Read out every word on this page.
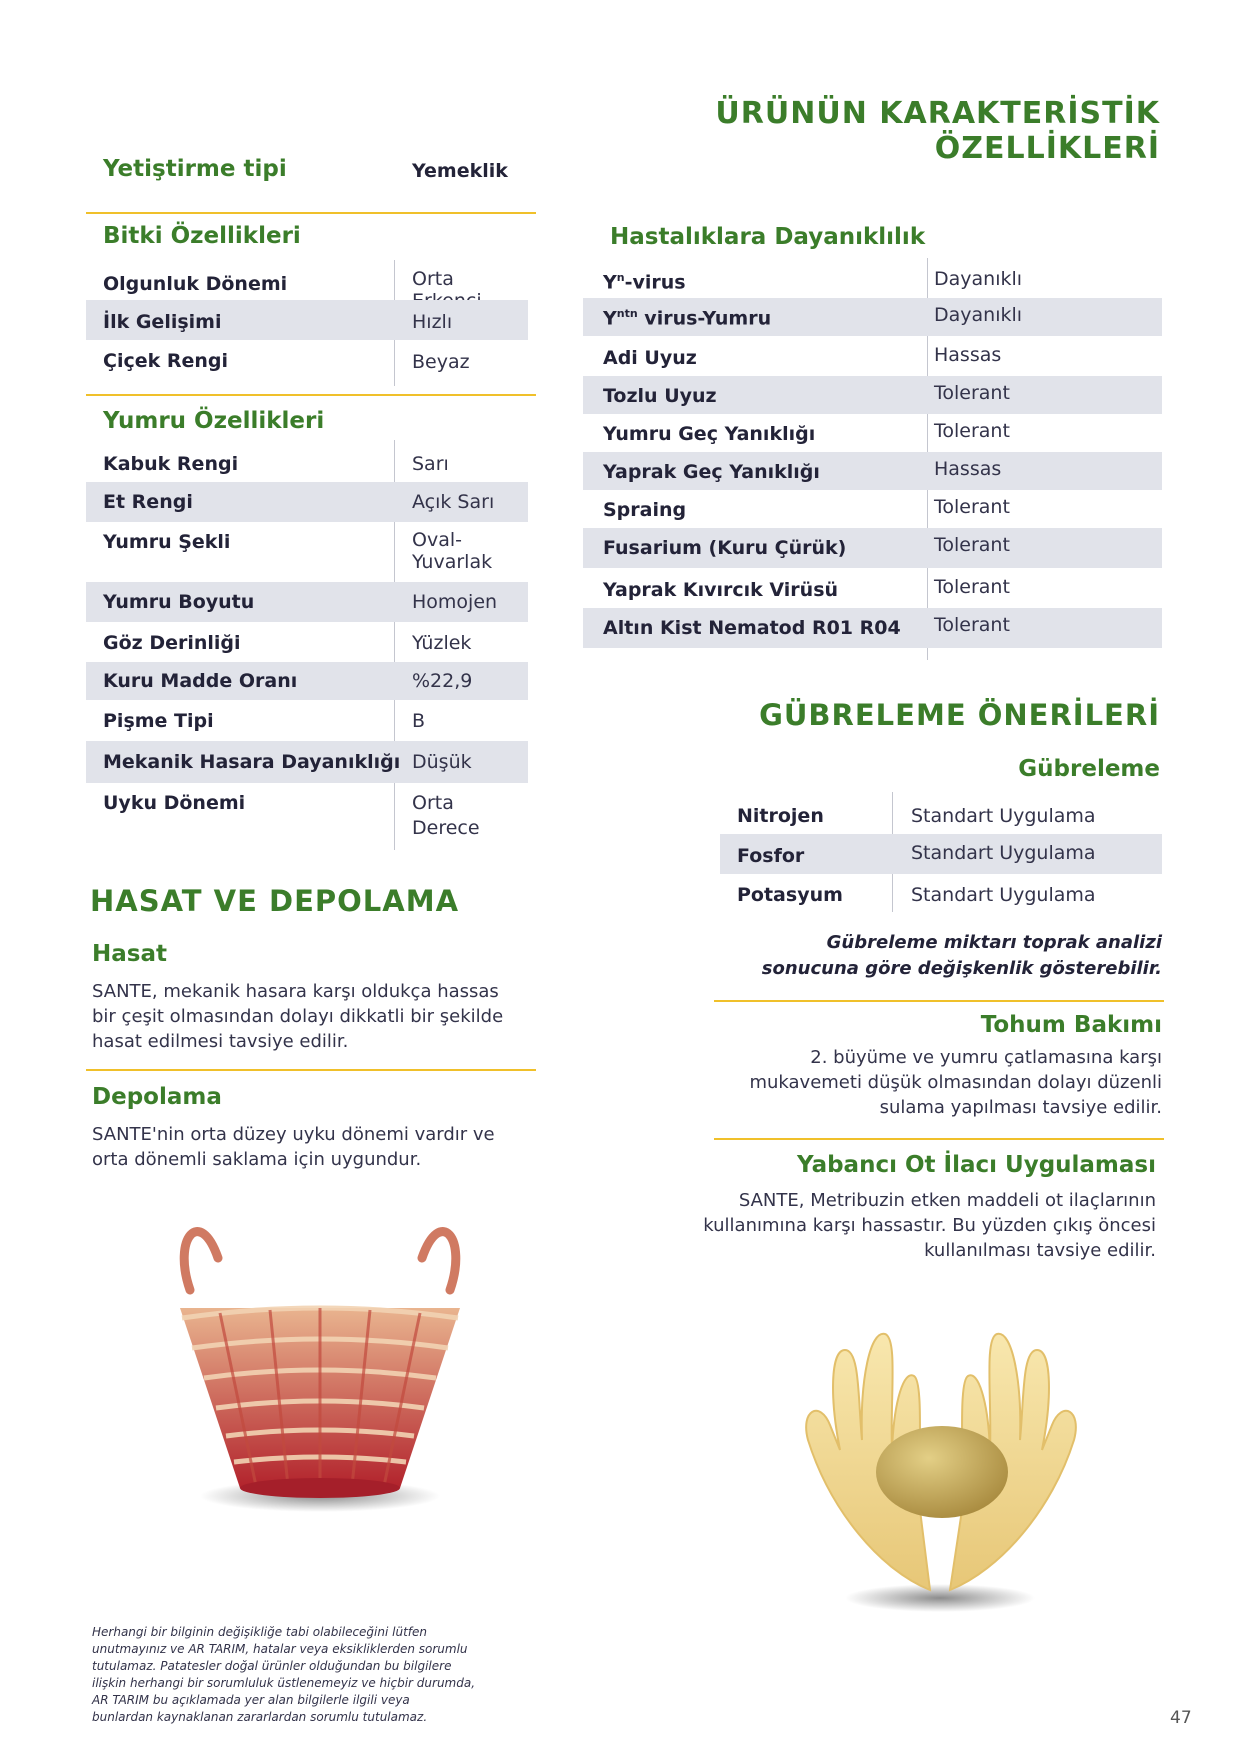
ÜRÜNÜN KARAKTERİSTİK ÖZELLİKLERİ
Yetiştirme tipi	Yemeklik
Bitki Özellikleri
Olgunluk Dönemi	Orta
İlk Gelişimi	Hızlı
Çiçek Rengi	Beyaz
Yumru Özellikleri
Kabuk Rengi	Sarı
Et Rengi	Açık Sarı
Yumru Şekli	Oval-
Yuvarlak
Yumru Boyutu	Homojen
Göz Derinliği	Yüzlek
Kuru Madde Oranı	%22,9
Pişme Tipi	B
Mekanik Hasara Dayanıklığı Düşük
Uyku Dönemi	Orta
Derece
HASAT VE DEPOLAMA
Hasat
SANTE, mekanik hasara karşı oldukça hassas
bir çeşit olmasından dolayı dikkatli bir şekilde
hasat edilmesi tavsiye edilir.
Depolama
SANTE'nin orta düzey uyku dönemi vardır ve
orta dönemli saklama için uygundur.
Herhangi bir bilginin değişikliğe tabi olabileceğini lütfen
unutmayınız ve AR TARIM, hatalar veya eksikliklerden sorumlu
tutulamaz. Patatesler doğal ürünler olduğundan bu bilgilere
ilişkin herhangi bir sorumluluk üstlenemeyiz ve hiçbir durumda,
AR TARIM bu açıklamada yer alan bilgilerle ilgili veya
bunlardan kaynaklanan zararlardan sorumlu tutulamaz.
Hastalıklara Dayanıklılık
$Y^n$-virus	Dayanıklı
$Y^{ntn}$ virus-Yumru	Dayanıklı
Adi Uyuz	Hassas
Tozlu Uyuz	Tolerant
Yumru Geç Yanıklığı	Tolerant
Yaprak Geç Yanıklığı	Hassas
Spraing	Tolerant
Fusarium (Kuru Çürük)	Tolerant
Yaprak Kıvırcık Virüsü	Tolerant
Altın Kist Nematod R01 R04 Tolerant
GÜBRELEME ÖNERİLERİ
Gübreleme
Nitrojen	Standart Uygulama
Fosfor	Standart Uygulama
Potasyum	Standart Uygulama
Gübreleme miktarı toprak analizi
sonucuna göre değişkenlik gösterebilir.
Tohum Bakımı
2. büyüme ve yumru çatlamasına karşı
mukavemeti düşük olmasından dolayı düzenli
sulama yapılması tavsiye edilir.
Yabancı Ot İlacı Uygulaması
SANTE, Metribuzin etken maddeli ot ilaçlarının
kullanımına karşı hassastır. Bu yüzden çıkış öncesi
kullanılması tavsiye edilir.
47
